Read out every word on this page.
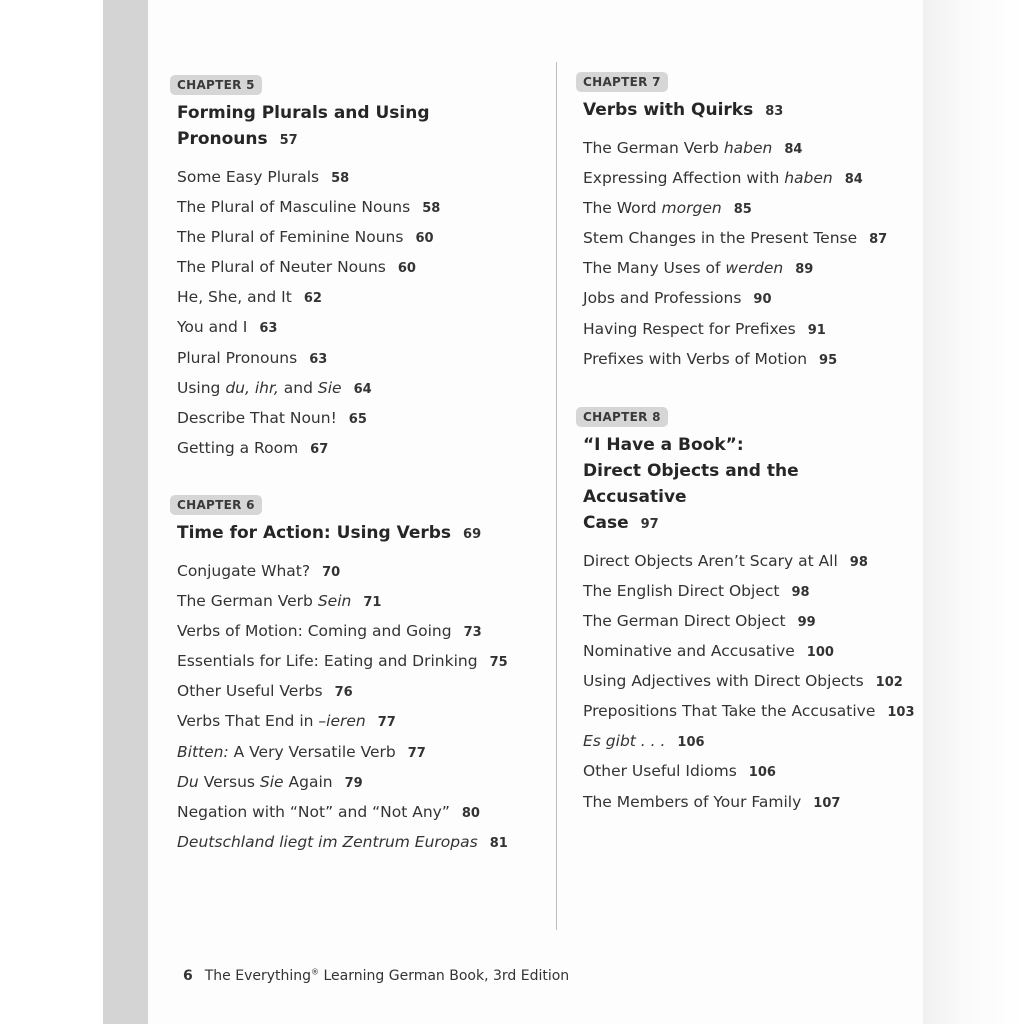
CHAPTER 5
Forming Plurals and Using Pronouns 57
Some Easy Plurals 58
The Plural of Masculine Nouns 58
The Plural of Feminine Nouns 60
The Plural of Neuter Nouns 60
He, She, and It 62
You and I 63
Plural Pronouns 63
Using du, ihr, and Sie 64
Describe That Noun! 65
Getting a Room 67
CHAPTER 6
Time for Action: Using Verbs 69
Conjugate What? 70
The German Verb Sein 71
Verbs of Motion: Coming and Going 73
Essentials for Life: Eating and Drinking 75
Other Useful Verbs 76
Verbs That End in –ieren 77
Bitten: A Very Versatile Verb 77
Du Versus Sie Again 79
Negation with “Not” and “Not Any” 80
Deutschland liegt im Zentrum Europas 81
CHAPTER 7
Verbs with Quirks 83
The German Verb haben 84
Expressing Affection with haben 84
The Word morgen 85
Stem Changes in the Present Tense 87
The Many Uses of werden 89
Jobs and Professions 90
Having Respect for Prefixes 91
Prefixes with Verbs of Motion 95
CHAPTER 8
“I Have a Book”:
Direct Objects and the Accusative
Case 97
Direct Objects Aren’t Scary at All 98
The English Direct Object 98
The German Direct Object 99
Nominative and Accusative 100
Using Adjectives with Direct Objects 102
Prepositions That Take the Accusative 103
Es gibt . . . 106
Other Useful Idioms 106
The Members of Your Family 107
6 The Everything® Learning German Book, 3rd Edition
